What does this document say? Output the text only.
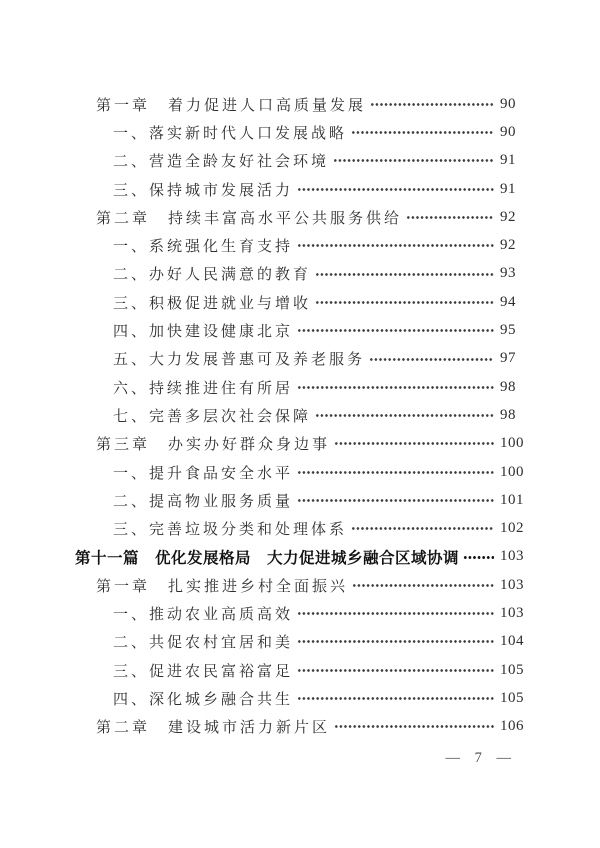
第一章　着力促进人口高质量发展	90
一、落实新时代人口发展战略	90
二、营造全龄友好社会环境	91
三、保持城市发展活力	91
第二章　持续丰富高水平公共服务供给	92
一、系统强化生育支持	92
二、办好人民满意的教育	93
三、积极促进就业与增收	94
四、加快建设健康北京	95
五、大力发展普惠可及养老服务	97
六、持续推进住有所居	98
七、完善多层次社会保障	98
第三章　办实办好群众身边事	100
一、提升食品安全水平	100
二、提高物业服务质量	101
三、完善垃圾分类和处理体系	102
第十一篇　优化发展格局　大力促进城乡融合区域协调	103
第一章　扎实推进乡村全面振兴	103
一、推动农业高质高效	103
二、共促农村宜居和美	104
三、促进农民富裕富足	105
四、深化城乡融合共生	105
第二章　建设城市活力新片区	106
— 7 —
